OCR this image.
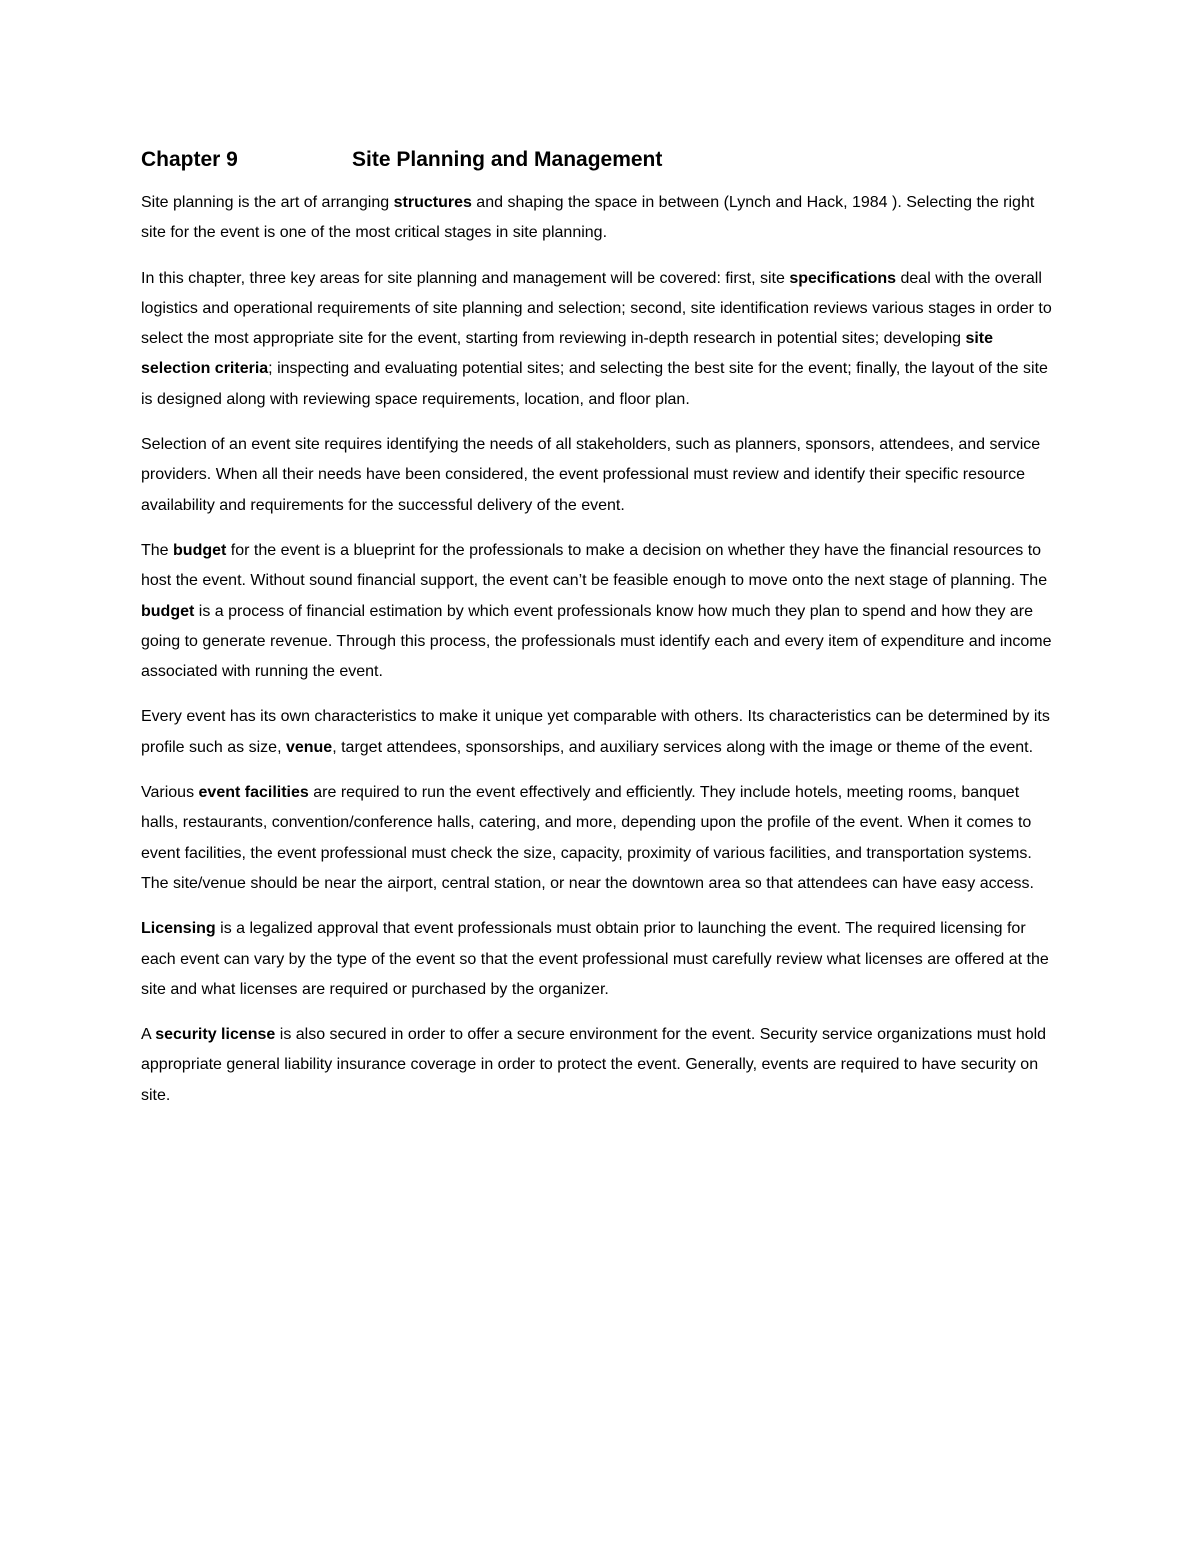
Chapter 9	Site Planning and Management

Site planning is the art of arranging structures and shaping the space in between (Lynch and Hack, 1984 ). Selecting the right site for the event is one of the most critical stages in site planning.

In this chapter, three key areas for site planning and management will be covered: first, site specifications deal with the overall logistics and operational requirements of site planning and selection; second, site identification reviews various stages in order to select the most appropriate site for the event, starting from reviewing in-depth research in potential sites; developing site selection criteria; inspecting and evaluating potential sites; and selecting the best site for the event; finally, the layout of the site is designed along with reviewing space requirements, location, and floor plan.

Selection of an event site requires identifying the needs of all stakeholders, such as planners, sponsors, attendees, and service providers. When all their needs have been considered, the event professional must review and identify their specific resource availability and requirements for the successful delivery of the event.

The budget for the event is a blueprint for the professionals to make a decision on whether they have the financial resources to host the event. Without sound financial support, the event can’t be feasible enough to move onto the next stage of planning. The budget is a process of financial estimation by which event professionals know how much they plan to spend and how they are going to generate revenue. Through this process, the professionals must identify each and every item of expenditure and income associated with running the event.

Every event has its own characteristics to make it unique yet comparable with others. Its characteristics can be determined by its profile such as size, venue, target attendees, sponsorships, and auxiliary services along with the image or theme of the event.

Various event facilities are required to run the event effectively and efficiently. They include hotels, meeting rooms, banquet halls, restaurants, convention/conference halls, catering, and more, depending upon the profile of the event. When it comes to event facilities, the event professional must check the size, capacity, proximity of various facilities, and transportation systems. The site/venue should be near the airport, central station, or near the downtown area so that attendees can have easy access.

Licensing is a legalized approval that event professionals must obtain prior to launching the event. The required licensing for each event can vary by the type of the event so that the event professional must carefully review what licenses are offered at the site and what licenses are required or purchased by the organizer.

A security license is also secured in order to offer a secure environment for the event. Security service organizations must hold appropriate general liability insurance coverage in order to protect the event. Generally, events are required to have security on site.
